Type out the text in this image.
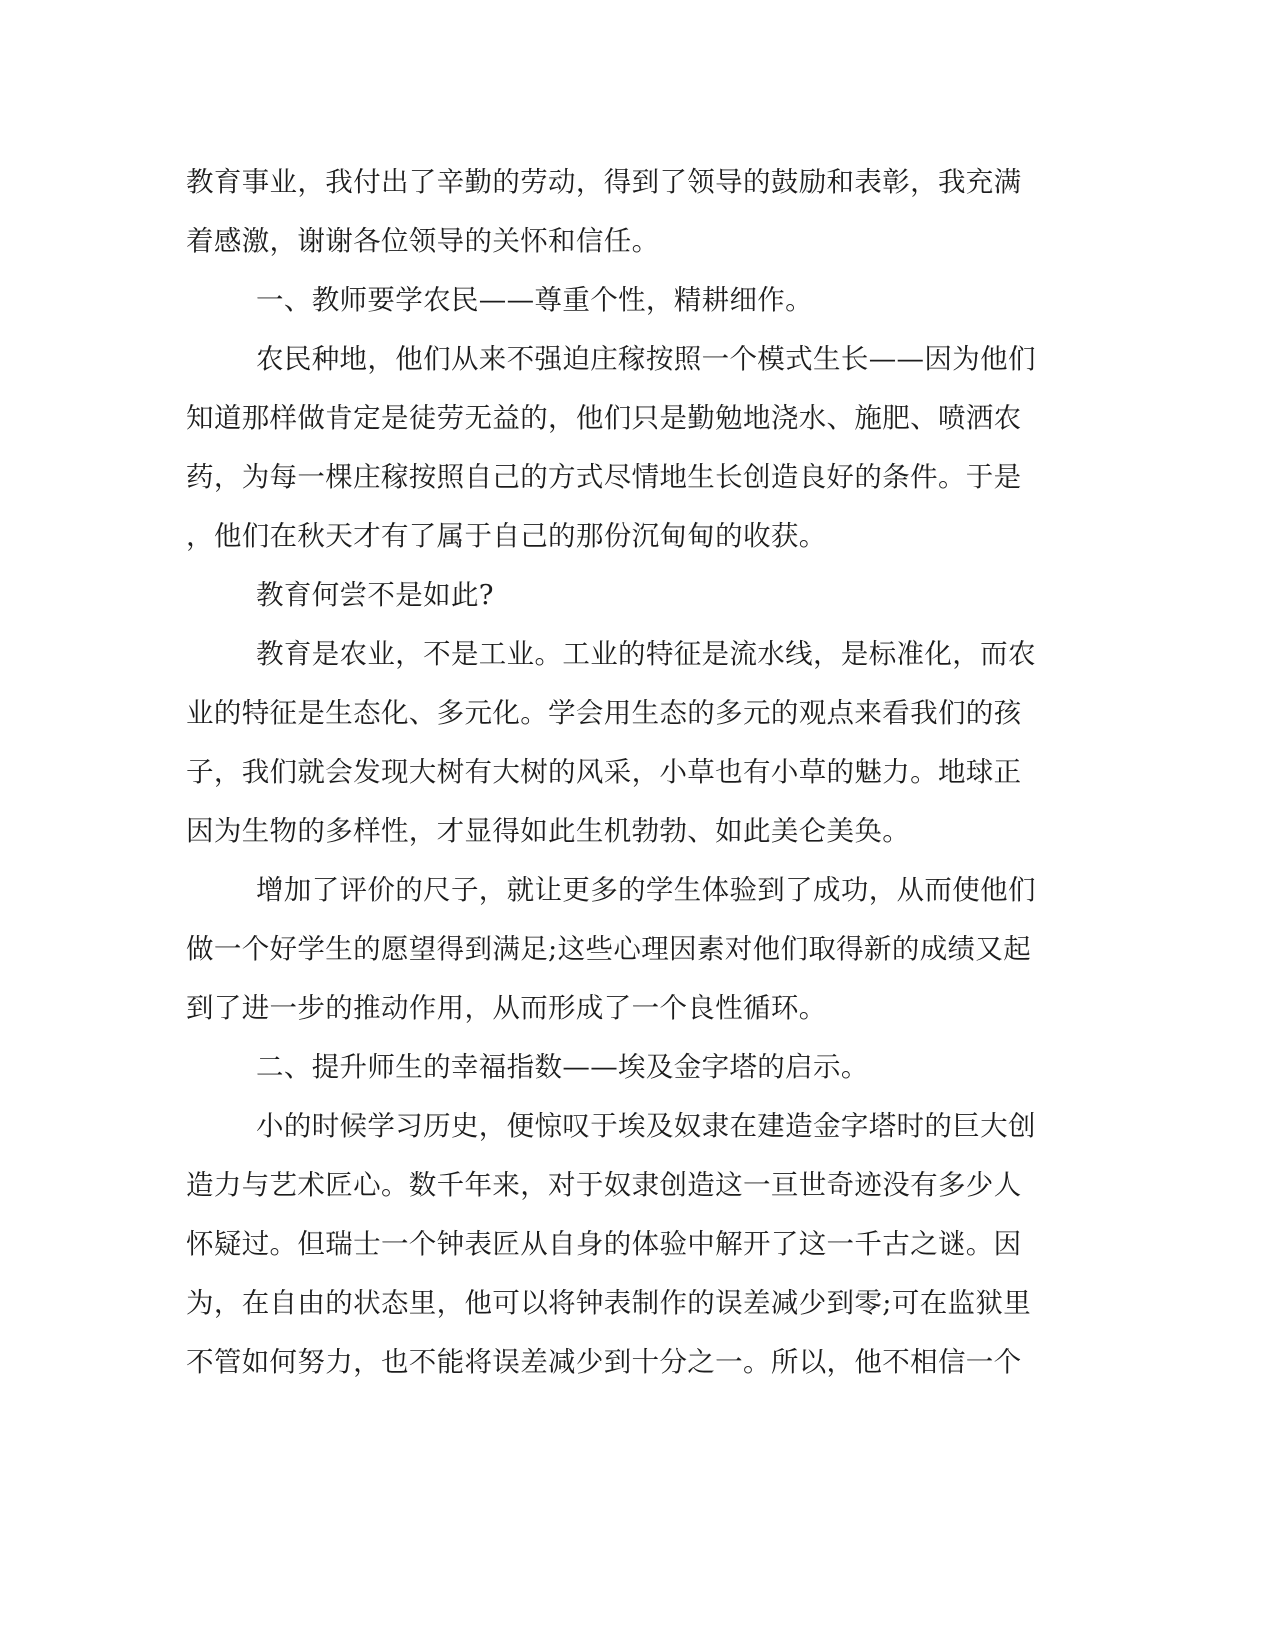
教育事业，我付出了辛勤的劳动，得到了领导的鼓励和表彰，我充满

着感激，谢谢各位领导的关怀和信任。

一、教师要学农民——尊重个性，精耕细作。

农民种地，他们从来不强迫庄稼按照一个模式生长——因为他们

知道那样做肯定是徒劳无益的，他们只是勤勉地浇水、施肥、喷洒农

药，为每一棵庄稼按照自己的方式尽情地生长创造良好的条件。于是

，他们在秋天才有了属于自己的那份沉甸甸的收获。

教育何尝不是如此?

教育是农业，不是工业。工业的特征是流水线，是标准化，而农

业的特征是生态化、多元化。学会用生态的多元的观点来看我们的孩

子，我们就会发现大树有大树的风采，小草也有小草的魅力。地球正

因为生物的多样性，才显得如此生机勃勃、如此美仑美奂。

增加了评价的尺子，就让更多的学生体验到了成功，从而使他们

做一个好学生的愿望得到满足;这些心理因素对他们取得新的成绩又起

到了进一步的推动作用，从而形成了一个良性循环。

二、提升师生的幸福指数——埃及金字塔的启示。

小的时候学习历史，便惊叹于埃及奴隶在建造金字塔时的巨大创

造力与艺术匠心。数千年来，对于奴隶创造这一亘世奇迹没有多少人

怀疑过。但瑞士一个钟表匠从自身的体验中解开了这一千古之谜。因

为，在自由的状态里，他可以将钟表制作的误差减少到零;可在监狱里

不管如何努力，也不能将误差减少到十分之一。所以，他不相信一个
